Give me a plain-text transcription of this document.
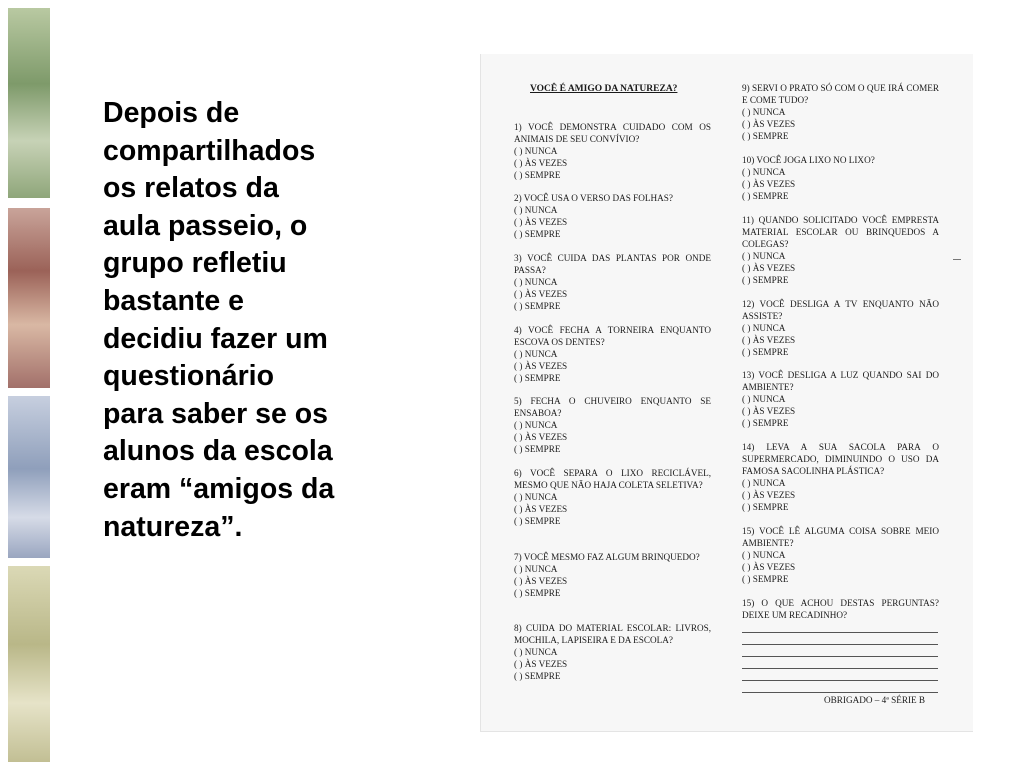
Depois de
compartilhados
os relatos da
aula passeio, o
grupo refletiu
bastante e
decidiu fazer um
questionário
para saber se os
alunos da escola
eram “amigos da
natureza”.
VOCÊ É AMIGO DA NATUREZA?
1) VOCÊ DEMONSTRA CUIDADO COM OS ANIMAIS DE SEU CONVÍVIO?
( ) NUNCA
( ) ÀS VEZES
( ) SEMPRE
2) VOCÊ USA O VERSO DAS FOLHAS?
( ) NUNCA
( ) ÀS VEZES
( ) SEMPRE
3) VOCÊ CUIDA DAS PLANTAS POR ONDE PASSA?
( ) NUNCA
( ) ÀS VEZES
( ) SEMPRE
4) VOCÊ FECHA A TORNEIRA ENQUANTO ESCOVA OS DENTES?
( ) NUNCA
( ) ÀS VEZES
( ) SEMPRE
5) FECHA O CHUVEIRO ENQUANTO SE ENSABOA?
( ) NUNCA
( ) ÀS VEZES
( ) SEMPRE
6) VOCÊ SEPARA O LIXO RECICLÁVEL, MESMO QUE NÃO HAJA COLETA SELETIVA?
( ) NUNCA
( ) ÀS VEZES
( ) SEMPRE
7) VOCÊ MESMO FAZ ALGUM BRINQUEDO?
( ) NUNCA
( ) ÀS VEZES
( ) SEMPRE
8) CUIDA DO MATERIAL ESCOLAR: LIVROS, MOCHILA, LAPISEIRA E DA ESCOLA?
( ) NUNCA
( ) ÀS VEZES
( ) SEMPRE
9) SERVI O PRATO SÓ COM O QUE IRÁ COMER E COME TUDO?
( ) NUNCA
( ) ÀS VEZES
( ) SEMPRE
10) VOCÊ JOGA LIXO NO LIXO?
( ) NUNCA
( ) ÀS VEZES
( ) SEMPRE
11) QUANDO SOLICITADO VOCÊ EMPRESTA MATERIAL ESCOLAR OU BRINQUEDOS A COLEGAS?
( ) NUNCA
( ) ÀS VEZES
( ) SEMPRE
12) VOCÊ DESLIGA A TV ENQUANTO NÃO ASSISTE?
( ) NUNCA
( ) ÀS VEZES
( ) SEMPRE
13) VOCÊ DESLIGA A LUZ QUANDO SAI DO AMBIENTE?
( ) NUNCA
( ) ÀS VEZES
( ) SEMPRE
14) LEVA A SUA SACOLA PARA O SUPERMERCADO, DIMINUINDO O USO DA FAMOSA SACOLINHA PLÁSTICA?
( ) NUNCA
( ) ÀS VEZES
( ) SEMPRE
15) VOCÊ LÊ ALGUMA COISA SOBRE MEIO AMBIENTE?
( ) NUNCA
( ) ÀS VEZES
( ) SEMPRE
15) O QUE ACHOU DESTAS PERGUNTAS? DEIXE UM RECADINHO?
OBRIGADO – 4ª SÉRIE B
